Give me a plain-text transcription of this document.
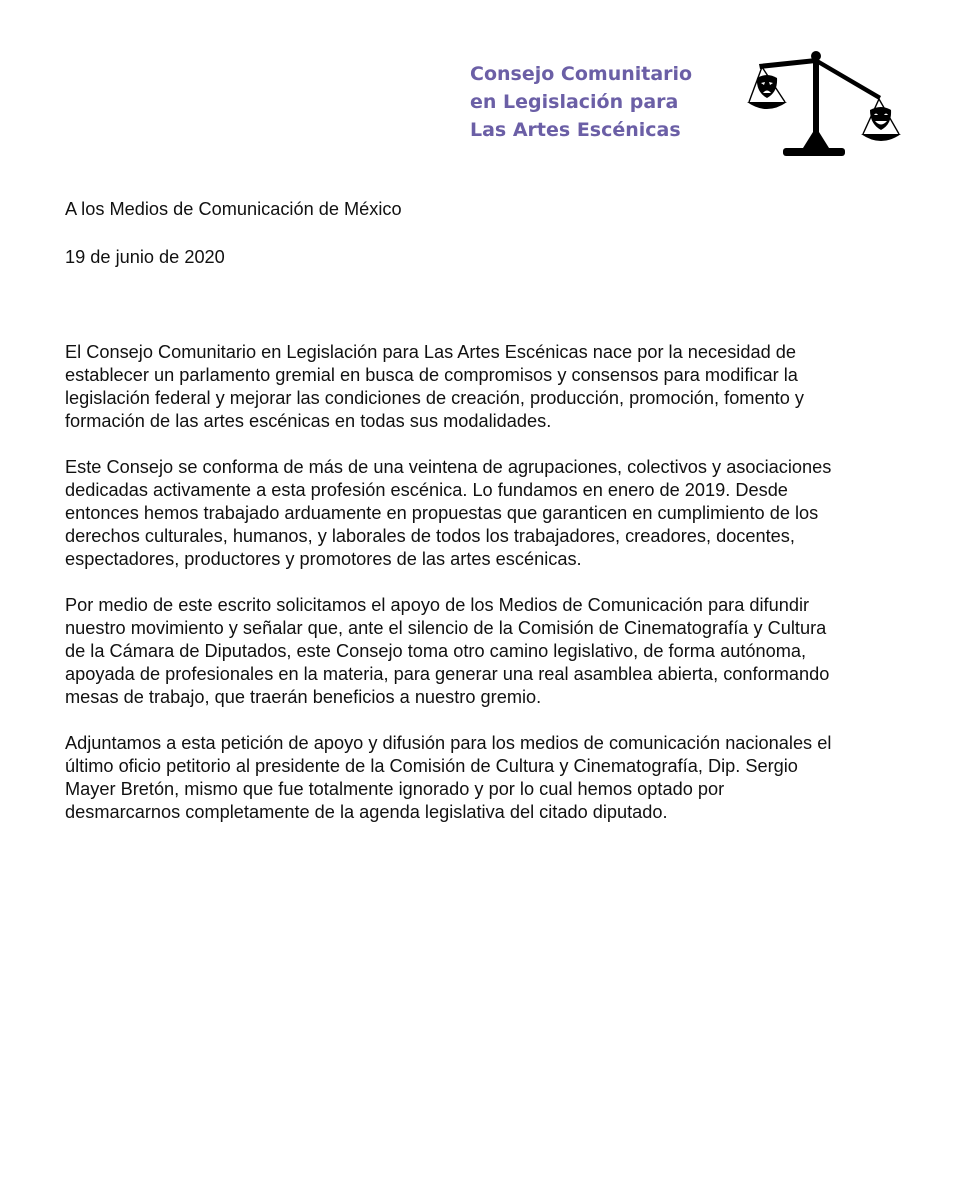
Consejo Comunitario
en Legislación para
Las Artes Escénicas

A los Medios de Comunicación de México

19 de junio de 2020

El Consejo Comunitario en Legislación para Las Artes Escénicas nace por la necesidad de
establecer un parlamento gremial en busca de compromisos y consensos para modificar la
legislación federal y mejorar las condiciones de creación, producción, promoción, fomento y
formación de las artes escénicas en todas sus modalidades.

Este Consejo se conforma de más de una veintena de agrupaciones, colectivos y asociaciones
dedicadas activamente a esta profesión escénica. Lo fundamos en enero de 2019. Desde
entonces hemos trabajado arduamente en propuestas que garanticen en cumplimiento de los
derechos culturales, humanos, y laborales de todos los trabajadores, creadores, docentes,
espectadores, productores y promotores de las artes escénicas.

Por medio de este escrito solicitamos el apoyo de los Medios de Comunicación para difundir
nuestro movimiento y señalar que, ante el silencio de la Comisión de Cinematografía y Cultura
de la Cámara de Diputados, este Consejo toma otro camino legislativo, de forma autónoma,
apoyada de profesionales en la materia, para generar una real asamblea abierta, conformando
mesas de trabajo, que traerán beneficios a nuestro gremio.

Adjuntamos a esta petición de apoyo y difusión para los medios de comunicación nacionales el
último oficio petitorio al presidente de la Comisión de Cultura y Cinematografía, Dip. Sergio
Mayer Bretón, mismo que fue totalmente ignorado y por lo cual hemos optado por
desmarcarnos completamente de la agenda legislativa del citado diputado.
